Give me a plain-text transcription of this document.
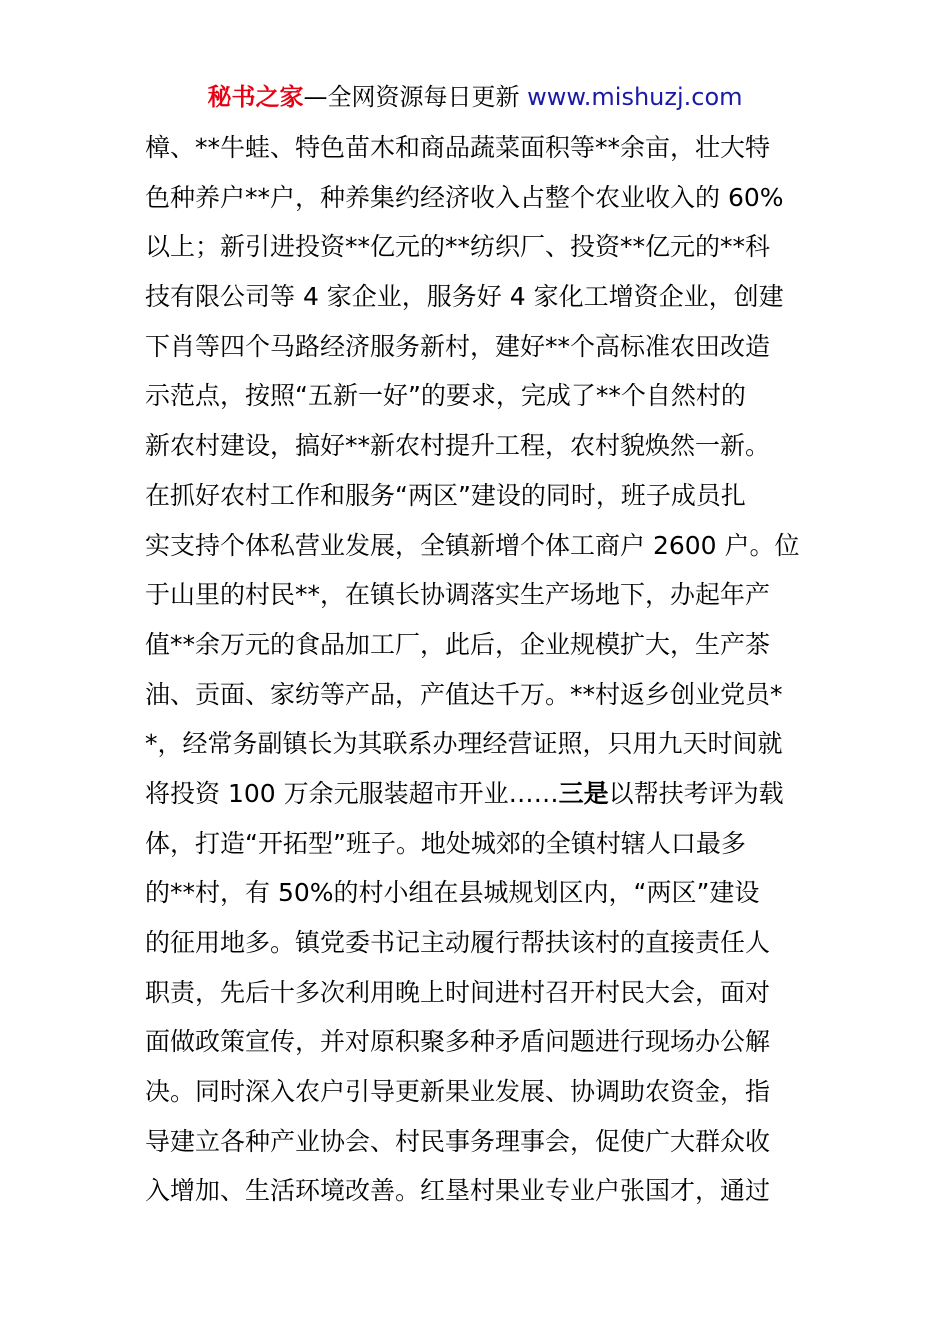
秘书之家—全网资源每日更新 www.mishuzj.com
樟、**牛蛙、特色苗木和商品蔬菜面积等**余亩，壮大特
色种养户**户，种养集约经济收入占整个农业收入的 60%
以上；新引进投资**亿元的**纺织厂、投资**亿元的**科
技有限公司等 4 家企业，服务好 4 家化工增资企业，创建
下肖等四个马路经济服务新村，建好**个高标准农田改造
示范点，按照“五新一好”的要求，完成了**个自然村的
新农村建设，搞好**新农村提升工程，农村貌焕然一新。
在抓好农村工作和服务“两区”建设的同时，班子成员扎
实支持个体私营业发展，全镇新增个体工商户 2600 户。位
于山里的村民**，在镇长协调落实生产场地下，办起年产
值**余万元的食品加工厂，此后，企业规模扩大，生产茶
油、贡面、家纺等产品，产值达千万。**村返乡创业党员*
*，经常务副镇长为其联系办理经营证照，只用九天时间就
将投资 100 万余元服装超市开业……三是以帮扶考评为载
体，打造“开拓型”班子。地处城郊的全镇村辖人口最多
的**村，有 50%的村小组在县城规划区内，“两区”建设
的征用地多。镇党委书记主动履行帮扶该村的直接责任人
职责，先后十多次利用晚上时间进村召开村民大会，面对
面做政策宣传，并对原积聚多种矛盾问题进行现场办公解
决。同时深入农户引导更新果业发展、协调助农资金，指
导建立各种产业协会、村民事务理事会，促使广大群众收
入增加、生活环境改善。红垦村果业专业户张国才，通过
